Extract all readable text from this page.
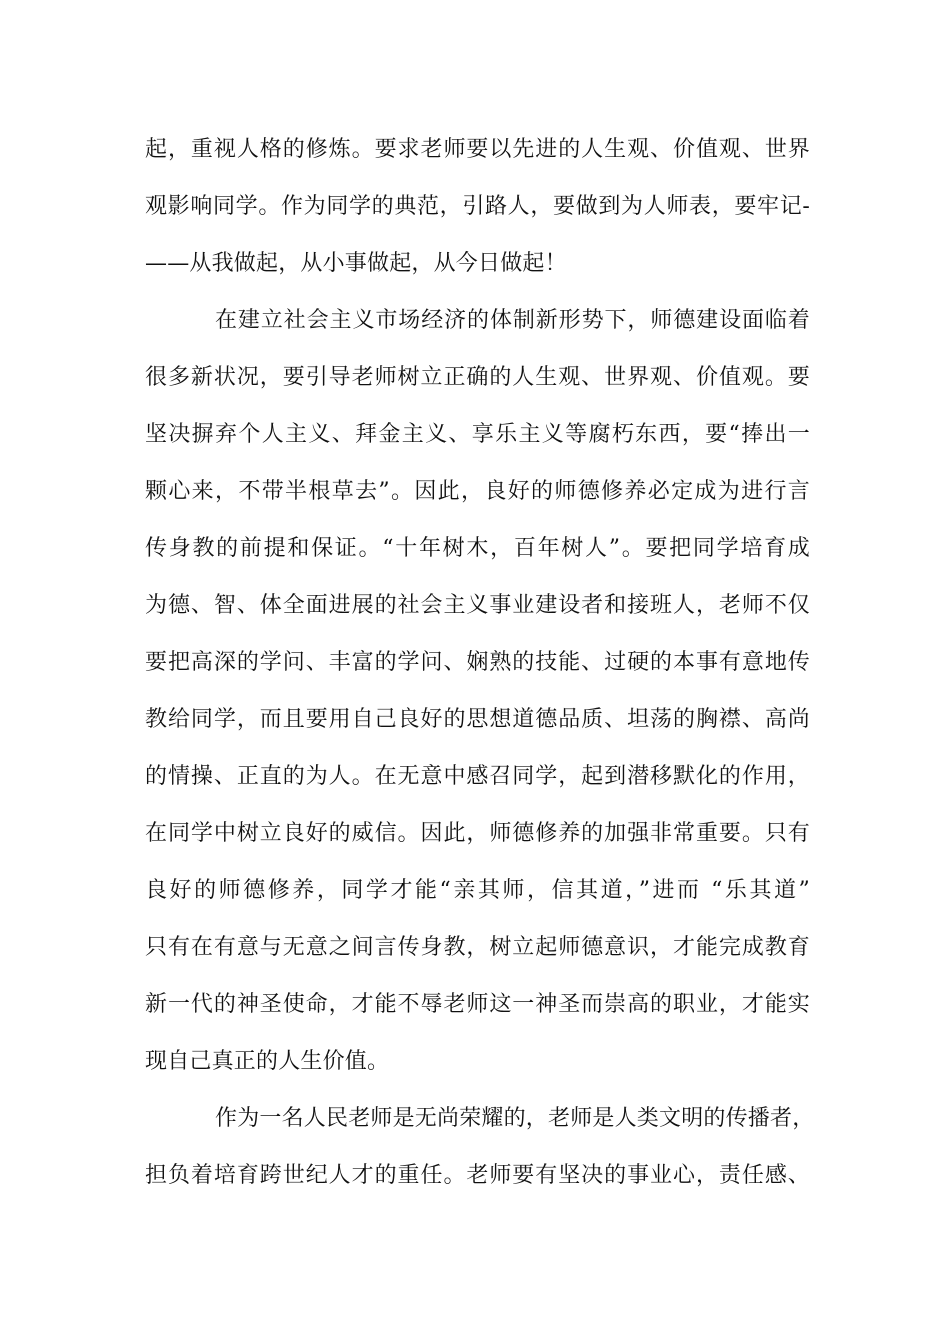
起，重视人格的修炼。要求老师要以先进的人生观、价值观、世界

观影响同学。作为同学的典范，引路人，要做到为人师表，要牢记-

——从我做起，从小事做起，从今日做起！

在建立社会主义市场经济的体制新形势下，师德建设面临着

很多新状况，要引导老师树立正确的人生观、世界观、价值观。要

坚决摒弃个人主义、拜金主义、享乐主义等腐朽东西，要“捧出一

颗心来，不带半根草去”。因此，良好的师德修养必定成为进行言

传身教的前提和保证。“十年树木，百年树人”。要把同学培育成

为德、智、体全面进展的社会主义事业建设者和接班人，老师不仅

要把高深的学问、丰富的学问、娴熟的技能、过硬的本事有意地传

教给同学，而且要用自己良好的思想道德品质、坦荡的胸襟、高尚

的情操、正直的为人。在无意中感召同学，起到潜移默化的作用，

在同学中树立良好的威信。因此，师德修养的加强非常重要。只有

良好的师德修养，同学才能“亲其师，信其道，”进而 “乐其道”

只有在有意与无意之间言传身教，树立起师德意识，才能完成教育

新一代的神圣使命，才能不辱老师这一神圣而崇高的职业，才能实

现自己真正的人生价值。

作为一名人民老师是无尚荣耀的，老师是人类文明的传播者，

担负着培育跨世纪人才的重任。老师要有坚决的事业心，责任感、
